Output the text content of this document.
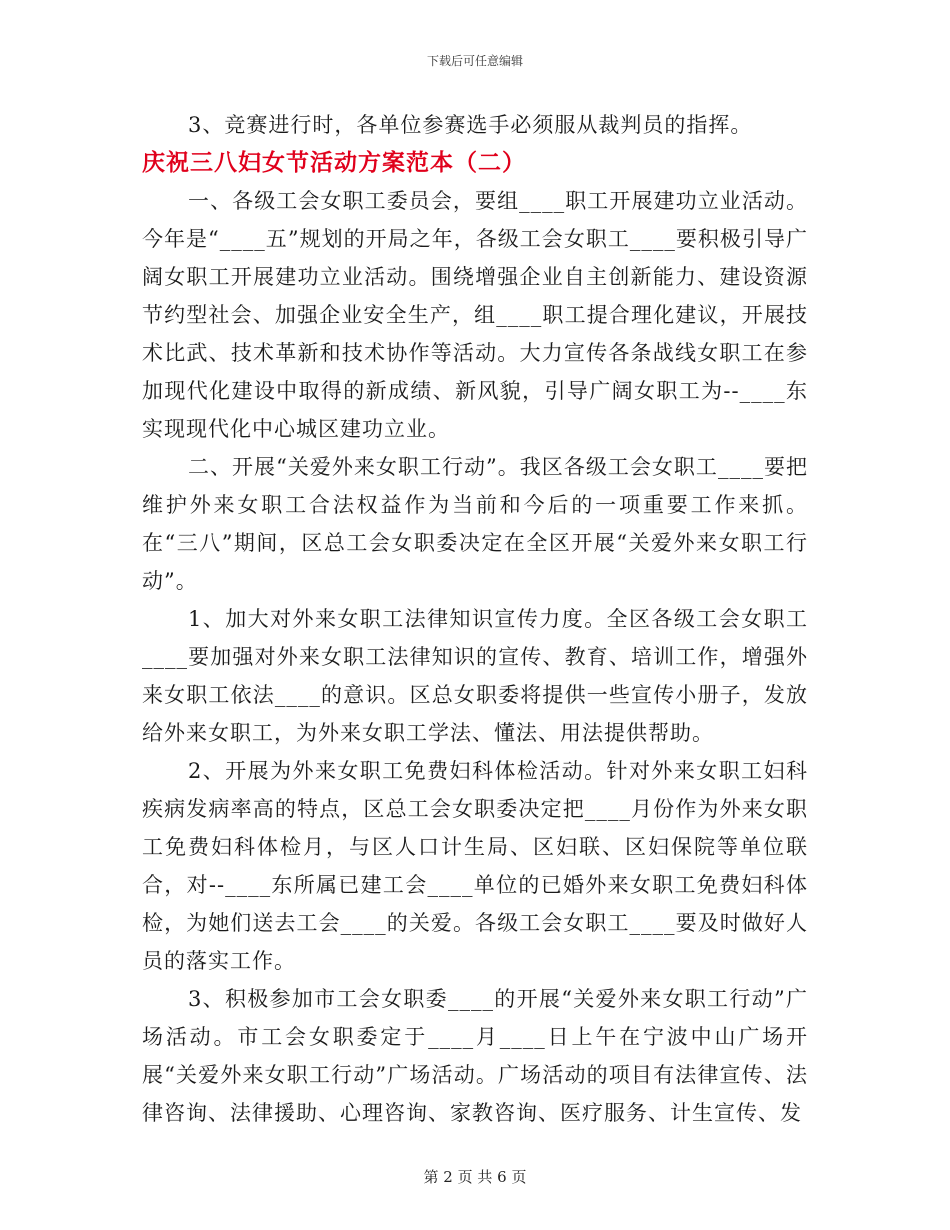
下载后可任意编辑

3、竞赛进行时，各单位参赛选手必须服从裁判员的指挥。

庆祝三八妇女节活动方案范本（二）

一、各级工会女职工委员会，要组____职工开展建功立业活动。今年是“____五”规划的开局之年，各级工会女职工____要积极引导广阔女职工开展建功立业活动。围绕增强企业自主创新能力、建设资源节约型社会、加强企业安全生产，组____职工提合理化建议，开展技术比武、技术革新和技术协作等活动。大力宣传各条战线女职工在参加现代化建设中取得的新成绩、新风貌，引导广阔女职工为--____东实现现代化中心城区建功立业。

二、开展“关爱外来女职工行动”。我区各级工会女职工____要把维护外来女职工合法权益作为当前和今后的一项重要工作来抓。在“三八”期间，区总工会女职委决定在全区开展“关爱外来女职工行动”。

1、加大对外来女职工法律知识宣传力度。全区各级工会女职工____要加强对外来女职工法律知识的宣传、教育、培训工作，增强外来女职工依法____的意识。区总女职委将提供一些宣传小册子，发放给外来女职工，为外来女职工学法、懂法、用法提供帮助。

2、开展为外来女职工免费妇科体检活动。针对外来女职工妇科疾病发病率高的特点，区总工会女职委决定把____月份作为外来女职工免费妇科体检月，与区人口计生局、区妇联、区妇保院等单位联合，对--____东所属已建工会____单位的已婚外来女职工免费妇科体检，为她们送去工会____的关爱。各级工会女职工____要及时做好人员的落实工作。

3、积极参加市工会女职委____的开展“关爱外来女职工行动”广场活动。市工会女职委定于____月____日上午在宁波中山广场开展“关爱外来女职工行动”广场活动。广场活动的项目有法律宣传、法律咨询、法律援助、心理咨询、家教咨询、医疗服务、计生宣传、发

第 2 页 共 6 页
